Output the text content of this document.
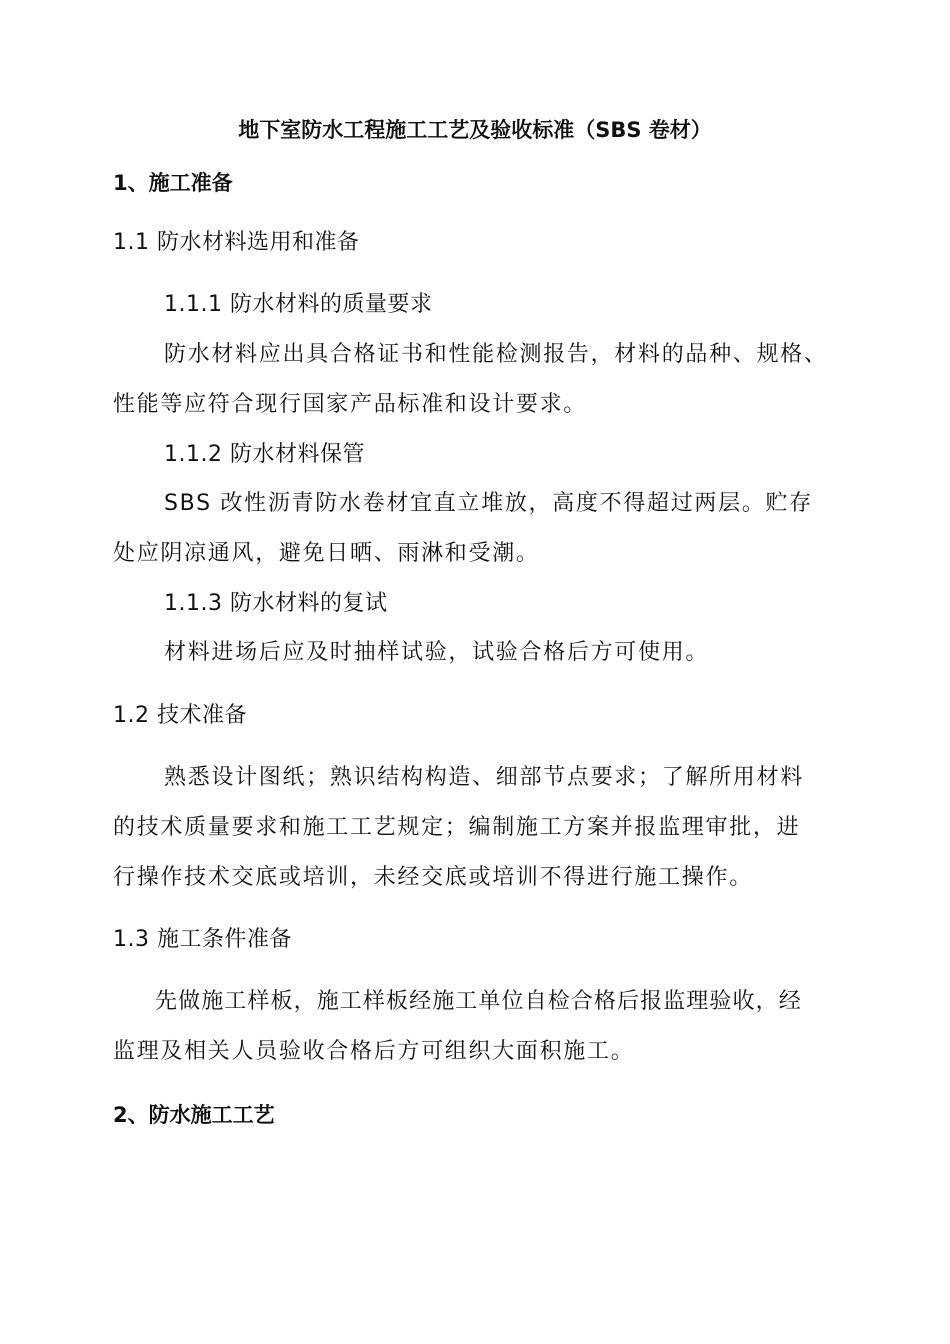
地下室防水工程施工工艺及验收标准（SBS 卷材）
1、施工准备
1.1 防水材料选用和准备
1.1.1 防水材料的质量要求
防水材料应出具合格证书和性能检测报告，材料的品种、规格、
性能等应符合现行国家产品标准和设计要求。
1.1.2 防水材料保管
SBS 改性沥青防水卷材宜直立堆放，高度不得超过两层。贮存
处应阴凉通风，避免日晒、雨淋和受潮。
1.1.3 防水材料的复试
材料进场后应及时抽样试验，试验合格后方可使用。
1.2 技术准备
熟悉设计图纸；熟识结构构造、细部节点要求；了解所用材料
的技术质量要求和施工工艺规定；编制施工方案并报监理审批，进
行操作技术交底或培训，未经交底或培训不得进行施工操作。
1.3 施工条件准备
先做施工样板，施工样板经施工单位自检合格后报监理验收，经
监理及相关人员验收合格后方可组织大面积施工。
2、防水施工工艺
